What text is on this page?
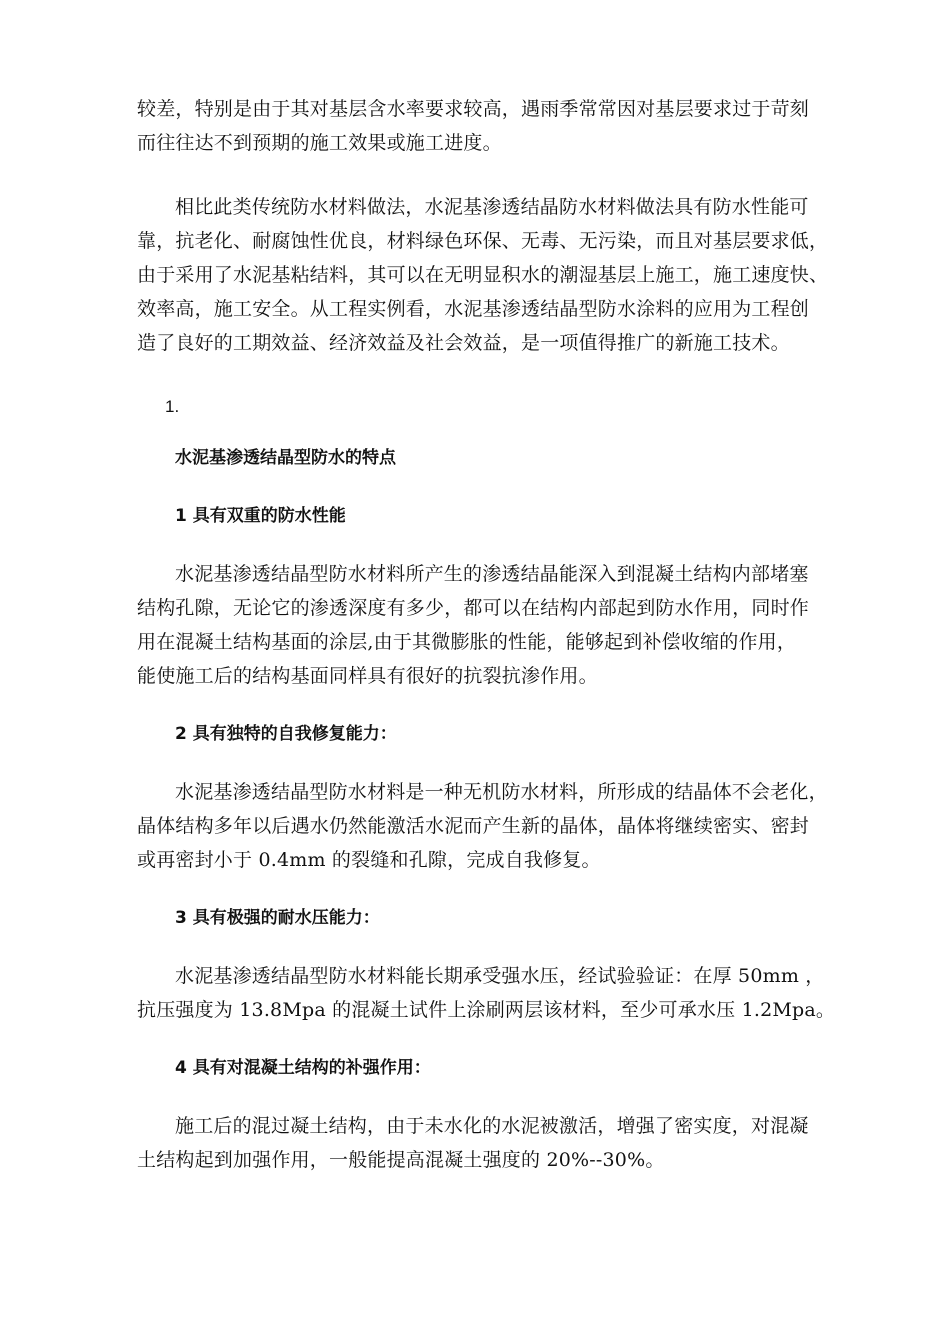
较差，特别是由于其对基层含水率要求较高，遇雨季常常因对基层要求过于苛刻
而往往达不到预期的施工效果或施工进度。
相比此类传统防水材料做法，水泥基渗透结晶防水材料做法具有防水性能可
靠，抗老化、耐腐蚀性优良，材料绿色环保、无毒、无污染，而且对基层要求低，
由于采用了水泥基粘结料，其可以在无明显积水的潮湿基层上施工，施工速度快、
效率高，施工安全。从工程实例看，水泥基渗透结晶型防水涂料的应用为工程创
造了良好的工期效益、经济效益及社会效益，是一项值得推广的新施工技术。
1.
水泥基渗透结晶型防水的特点
1 具有双重的防水性能
水泥基渗透结晶型防水材料所产生的渗透结晶能深入到混凝土结构内部堵塞
结构孔隙，无论它的渗透深度有多少，都可以在结构内部起到防水作用，同时作
用在混凝土结构基面的涂层,由于其微膨胀的性能，能够起到补偿收缩的作用，
能使施工后的结构基面同样具有很好的抗裂抗渗作用。
2 具有独特的自我修复能力：
水泥基渗透结晶型防水材料是一种无机防水材料，所形成的结晶体不会老化，
晶体结构多年以后遇水仍然能激活水泥而产生新的晶体，晶体将继续密实、密封
或再密封小于 0.4mm 的裂缝和孔隙，完成自我修复。
3 具有极强的耐水压能力：
水泥基渗透结晶型防水材料能长期承受强水压，经试验验证：在厚 50mm ，
抗压强度为 13.8Mpa 的混凝土试件上涂刷两层该材料，至少可承水压 1.2Mpa。
4 具有对混凝土结构的补强作用：
施工后的混过凝土结构，由于未水化的水泥被激活，增强了密实度，对混凝
土结构起到加强作用，一般能提高混凝土强度的 20%--30%。
